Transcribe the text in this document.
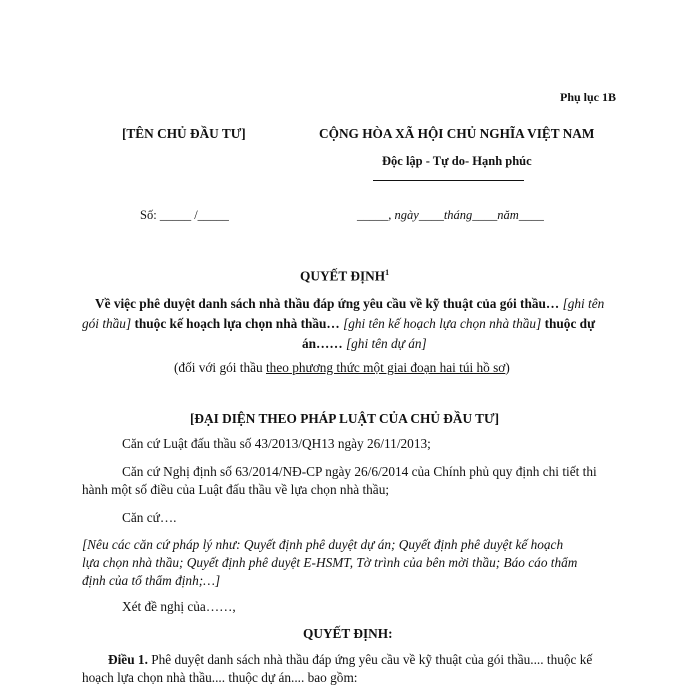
Phụ lục 1B
[TÊN CHỦ ĐẦU TƯ]	CỘNG HÒA XÃ HỘI CHỦ NGHĨA VIỆT NAM
Độc lập - Tự do- Hạnh phúc
Số: _____ /_____	_____, ngày____tháng____năm____
QUYẾT ĐỊNH$^1$
Về việc phê duyệt danh sách nhà thầu đáp ứng yêu cầu về kỹ thuật của gói thầu… [ghi tên
gói thầu] thuộc kế hoạch lựa chọn nhà thầu… [ghi tên kế hoạch lựa chọn nhà thầu] thuộc dự
án…… [ghi tên dự án]
(đối với gói thầu theo phương thức một giai đoạn hai túi hồ sơ)
[ĐẠI DIỆN THEO PHÁP LUẬT CỦA CHỦ ĐẦU TƯ]
Căn cứ Luật đấu thầu số 43/2013/QH13 ngày 26/11/2013;
Căn cứ Nghị định số 63/2014/NĐ-CP ngày 26/6/2014 của Chính phủ quy định chi tiết thi
hành một số điều của Luật đấu thầu về lựa chọn nhà thầu;
Căn cứ….
[Nêu các căn cứ pháp lý như: Quyết định phê duyệt dự án; Quyết định phê duyệt kế hoạch
lựa chọn nhà thầu; Quyết định phê duyệt E-HSMT, Tờ trình của bên mời thầu; Báo cáo thẩm
định của tổ thẩm định;…]
Xét đề nghị của……,
QUYẾT ĐỊNH:
Điều 1. Phê duyệt danh sách nhà thầu đáp ứng yêu cầu về kỹ thuật của gói thầu.... thuộc kế
hoạch lựa chọn nhà thầu.... thuộc dự án.... bao gồm:
